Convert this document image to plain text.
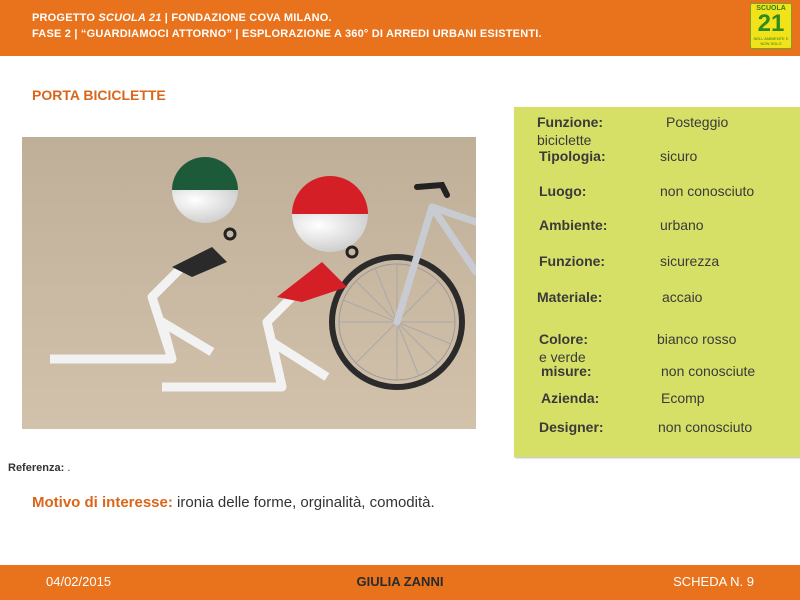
PROGETTO SCUOLA 21 | FONDAZIONE COVA MILANO.
FASE 2 | “GUARDIAMOCI ATTORNO” | ESPLORAZIONE A 360° DI ARREDI URBANI ESISTENTI.
SCUOLA
21
NELL'AMBIENTE E NON SOLO
PORTA BICICLETTE
Funzione:	Posteggio
biciclette
Tipologia:	sicuro
Luogo:	non conosciuto
Ambiente:	urbano
Funzione:	sicurezza
Materiale:	accaio
Colore:	bianco rosso
e verde
misure:	non conosciute
Azienda:	Ecomp
Designer:	non conosciuto
Referenza: .
Motivo di interesse: ironia delle forme, orginalità, comodità.
04/02/2015	GIULIA ZANNI	SCHEDA N. 9
